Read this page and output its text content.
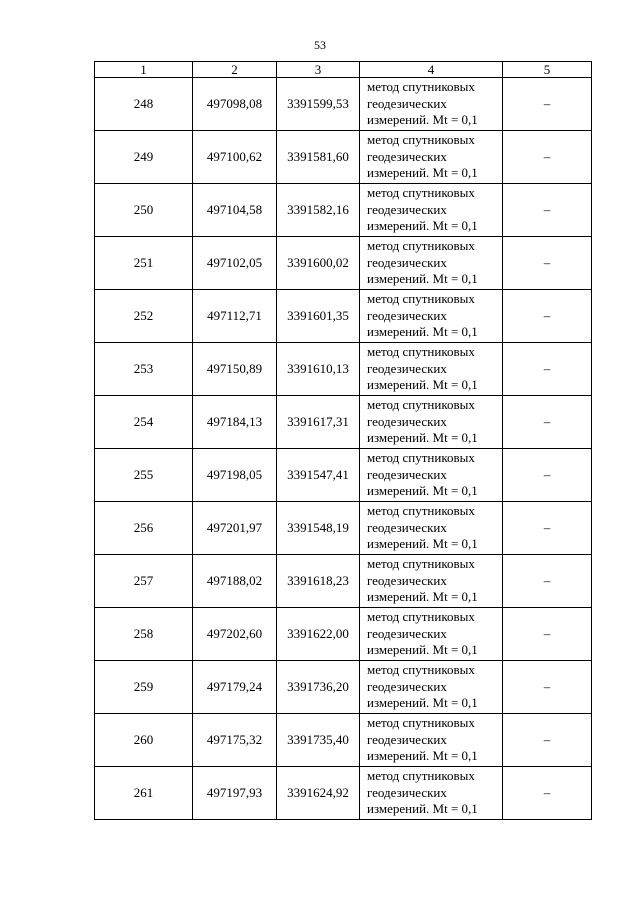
53
1	2	3	4	5
248	497098,08	3391599,53	метод спутниковых
геодезических
измерений. Mt = 0,1	–
249	497100,62	3391581,60	метод спутниковых
геодезических
измерений. Mt = 0,1	–
250	497104,58	3391582,16	метод спутниковых
геодезических
измерений. Mt = 0,1	–
251	497102,05	3391600,02	метод спутниковых
геодезических
измерений. Mt = 0,1	–
252	497112,71	3391601,35	метод спутниковых
геодезических
измерений. Mt = 0,1	–
253	497150,89	3391610,13	метод спутниковых
геодезических
измерений. Mt = 0,1	–
254	497184,13	3391617,31	метод спутниковых
геодезических
измерений. Mt = 0,1	–
255	497198,05	3391547,41	метод спутниковых
геодезических
измерений. Mt = 0,1	–
256	497201,97	3391548,19	метод спутниковых
геодезических
измерений. Mt = 0,1	–
257	497188,02	3391618,23	метод спутниковых
геодезических
измерений. Mt = 0,1	–
258	497202,60	3391622,00	метод спутниковых
геодезических
измерений. Mt = 0,1	–
259	497179,24	3391736,20	метод спутниковых
геодезических
измерений. Mt = 0,1	–
260	497175,32	3391735,40	метод спутниковых
геодезических
измерений. Mt = 0,1	–
261	497197,93	3391624,92	метод спутниковых
геодезических
измерений. Mt = 0,1	–
